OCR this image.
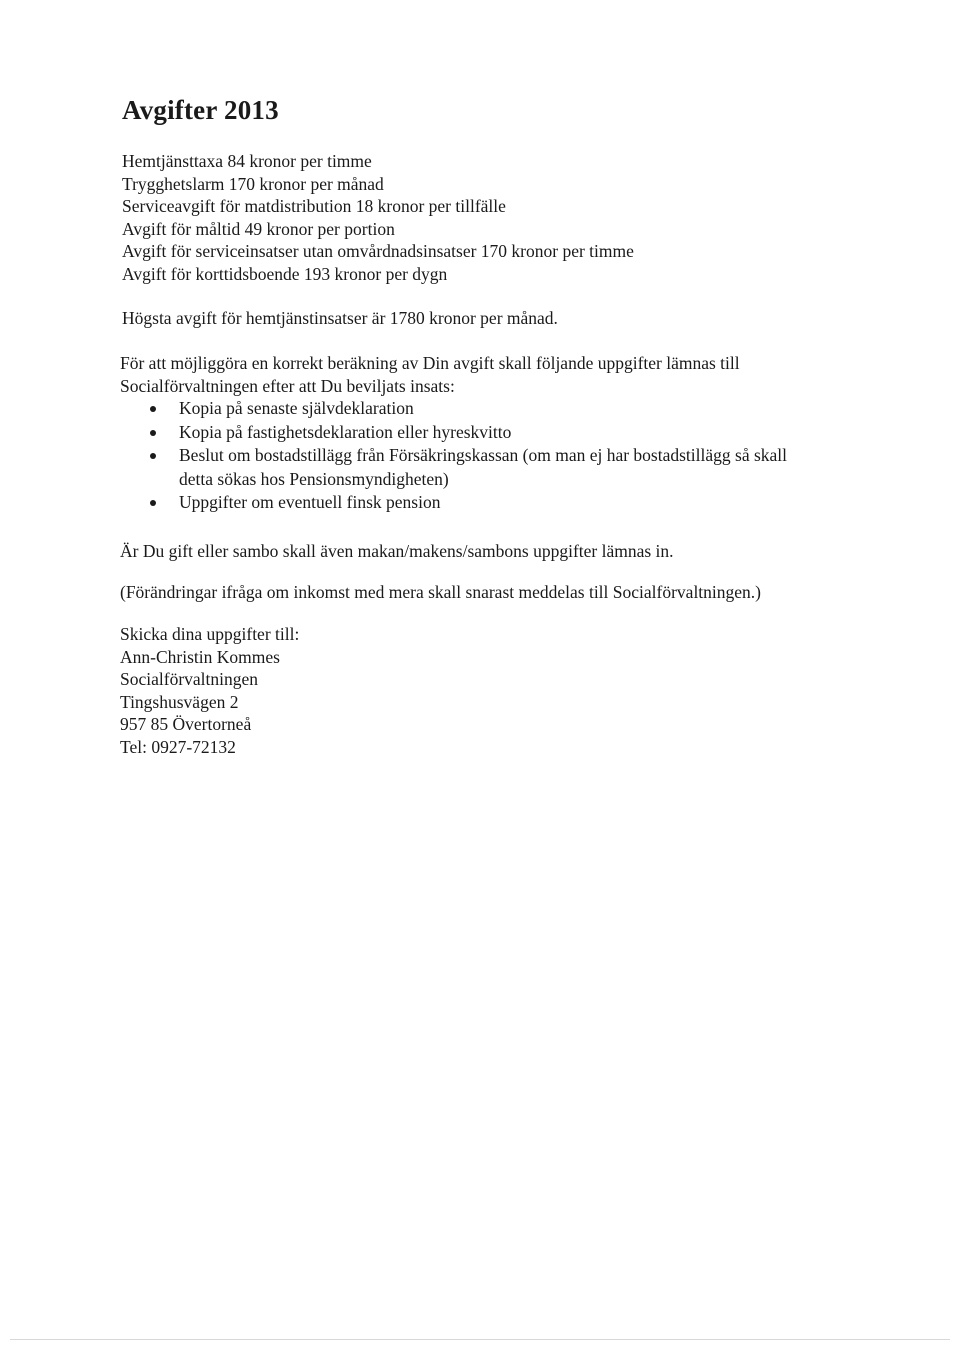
Avgifter 2013
Hemtjänsttaxa 84 kronor per timme
Trygghetslarm 170 kronor per månad
Serviceavgift för matdistribution 18 kronor per tillfälle
Avgift för måltid 49 kronor per portion
Avgift för serviceinsatser utan omvårdnadsinsatser 170 kronor per timme
Avgift för korttidsboende 193 kronor per dygn

Högsta avgift för hemtjänstinsatser är 1780 kronor per månad.

För att möjliggöra en korrekt beräkning av Din avgift skall följande uppgifter lämnas till
Socialförvaltningen efter att Du beviljats insats:
Kopia på senaste självdeklaration
Kopia på fastighetsdeklaration eller hyreskvitto
Beslut om bostadstillägg från Försäkringskassan (om man ej har bostadstillägg så skall
detta sökas hos Pensionsmyndigheten)
Uppgifter om eventuell finsk pension

Är Du gift eller sambo skall även makan/makens/sambons uppgifter lämnas in.

(Förändringar ifråga om inkomst med mera skall snarast meddelas till Socialförvaltningen.)

Skicka dina uppgifter till:
Ann-Christin Kommes
Socialförvaltningen
Tingshusvägen 2
957 85 Övertorneå
Tel: 0927-72132
